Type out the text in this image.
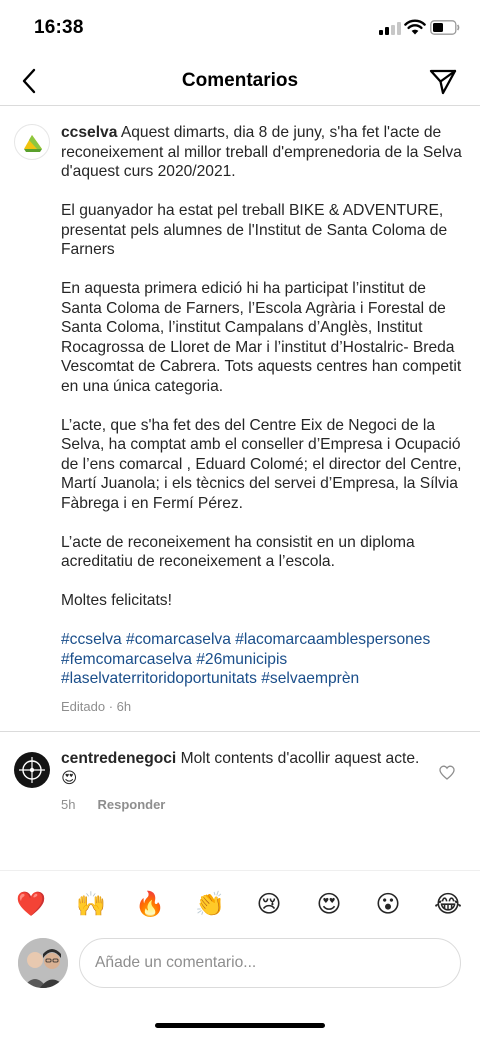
16:38
Comentarios

ccselva Aquest dimarts, dia 8 de juny, s'ha fet l'acte de reconeixement al millor treball d'emprenedoria de la Selva d'aquest curs 2020/2021.

El guanyador ha estat pel treball BIKE & ADVENTURE, presentat pels alumnes de l'Institut de Santa Coloma de Farners

En aquesta primera edició hi ha participat l’institut de Santa Coloma de Farners, l’Escola Agrària i Forestal de Santa Coloma, l’institut Campalans d’Anglès, Institut Rocagrossa de Lloret de Mar i l’institut d’Hostalric- Breda Vescomtat de Cabrera. Tots aquests centres han competit en una única categoria.

L’acte, que s'ha fet des del Centre Eix de Negoci de la Selva, ha comptat amb el conseller d’Empresa i Ocupació de l’ens comarcal , Eduard Colomé; el director del Centre, Martí Juanola; i els tècnics del servei d’Empresa, la Sílvia Fàbrega i en Fermí Pérez.

L’acte de reconeixement ha consistit en un diploma acreditatiu de reconeixement a l’escola.

Moltes felicitats!

#ccselva #comarcaselva #lacomarcaamblespersones #femcomarcaselva #26municipis #laselvaterritoridoportunitats #selvaemprèn

Editado · 6h
centredenegoci Molt contents d'acollir aquest acte. 😍
5h Responder
❤️ 🙌 🔥 👏 😢 😍 😮 😂
Añade un comentario...
